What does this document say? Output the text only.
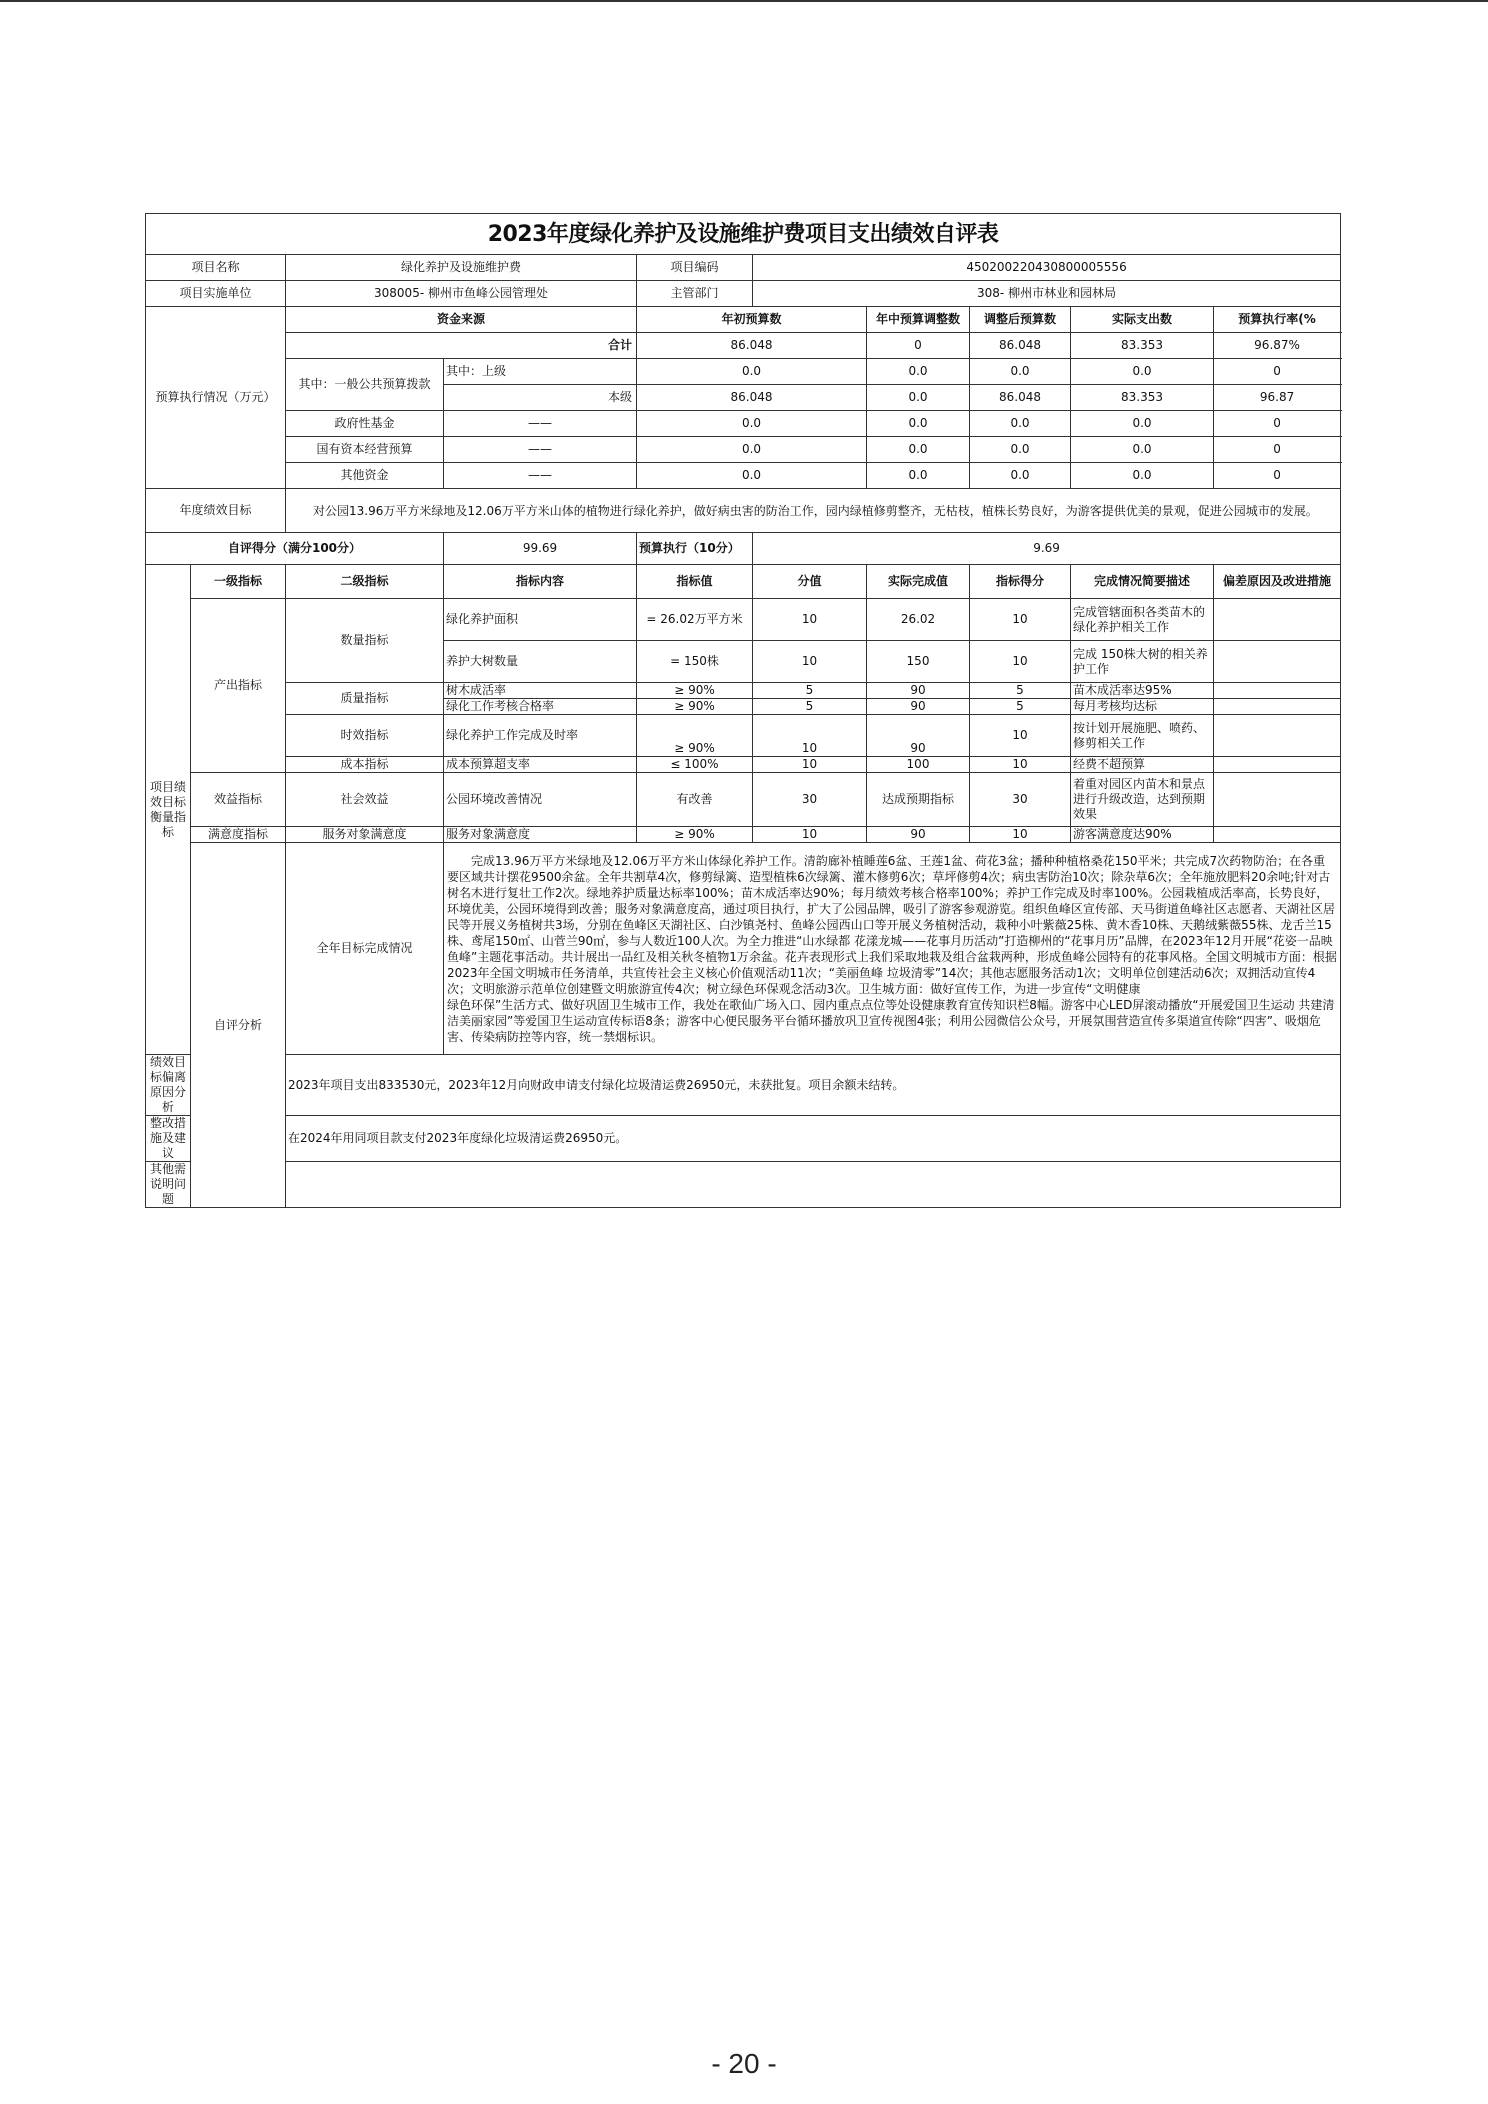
2023年度绿化养护及设施维护费项目支出绩效自评表									
项目名称		绿化养护及设施维护费		项目编码	450200220430800005556				
项目实施单位		308005- 柳州市鱼峰公园管理处		主管部门	308- 柳州市林业和园林局				
预算执行情况（万元）		资金来源		年初预算数		年中预算调整数	调整后预算数	实际支出数	预算执行率(%
		合计		86.048		0	86.048	83.353	96.87%
		其中：一般公共预算拨款	其中：上级	0.0		0.0	0.0	0.0	0
			本级	86.048		0.0	86.048	83.353	96.87
		政府性基金	——	0.0		0.0	0.0	0.0	0
		国有资本经营预算	——	0.0		0.0	0.0	0.0	0
		其他资金	——	0.0		0.0	0.0	0.0	0
年度绩效目标		对公园13.96万平方米绿地及12.06万平方米山体的植物进行绿化养护，做好病虫害的防治工作，园内绿植修剪整齐，无枯枝，植株长势良好，为游客提供优美的景观，促进公园城市的发展。							

自评得分（满分100分）			99.69	预算执行（10分）	9.69				
项目绩效目标衡量指标	一级指标	二级指标	指标内容	指标值	分值	实际完成值	指标得分	完成情况简要描述	偏差原因及改进措施
	产出指标	数量指标	绿化养护面积	= 26.02万平方米	10	26.02	10	完成管辖面积各类苗木的绿化养护相关工作	
			养护大树数量	= 150株	10	150	10	完成 150株大树的相关养护工作	
		质量指标	树木成活率	≥ 90%	5	90	5	苗木成活率达95%	
			绿化工作考核合格率	≥ 90%	5	90	5	每月考核均达标	
		时效指标	绿化养护工作完成及时率	≥ 90%	10	90	10	按计划开展施肥、喷药、修剪相关工作	
		成本指标	成本预算超支率	≤ 100%	10	100	10	经费不超预算	
	效益指标	社会效益	公园环境改善情况	有改善	30	达成预期指标	30	着重对园区内苗木和景点进行升级改造，达到预期效果	
	满意度指标	服务对象满意度	服务对象满意度	≥ 90%	10	90	10	游客满意度达90%	
	自评分析	全年目标完成情况	完成13.96万平方米绿地及12.06万平方米山体绿化养护工作。清韵廊补植睡莲6盆、王莲1盆、荷花3盆；播种种植格桑花150平米；共完成7次药物防治；在各重要区域共计摆花9500余盆。全年共割草4次，修剪绿篱、造型植株6次绿篱、灌木修剪6次；草坪修剪4次；病虫害防治10次；除杂草6次；全年施放肥料20余吨;针对古树名木进行复壮工作2次。绿地养护质量达标率100%；苗木成活率达90%；每月绩效考核合格率100%；养护工作完成及时率100%。公园栽植成活率高，长势良好，环境优美，公园环境得到改善；服务对象满意度高，通过项目执行，扩大了公园品牌，吸引了游客参观游览。组织鱼峰区宣传部、天马街道鱼峰社区志愿者、天湖社区居民等开展义务植树共3场，分别在鱼峰区天湖社区、白沙镇尧村、鱼峰公园西山口等开展义务植树活动，栽种小叶紫薇25株、黄木香10株、天鹅绒紫薇55株、龙舌兰15株、鸢尾150㎡、山菅兰90㎡，参与人数近100人次。为全力推进“山水绿都 花漾龙城——花事月历活动”打造柳州的“花事月历”品牌，在2023年12月开展“花姿一品映鱼峰”主题花事活动。共计展出一品红及相关秋冬植物1万余盆。花卉表现形式上我们采取地栽及组合盆栽两种，形成鱼峰公园特有的花事风格。全国文明城市方面：根据2023年全国文明城市任务清单，共宣传社会主义核心价值观活动11次；“美丽鱼峰 垃圾清零”14次；其他志愿服务活动1次；文明单位创建活动6次；双拥活动宣传4次；文明旅游示范单位创建暨文明旅游宣传4次；树立绿色环保观念活动3次。卫生城方面：做好宣传工作，为进一步宣传“文明健康

绿色环保”生活方式、做好巩固卫生城市工作，我处在歌仙广场入口、园内重点点位等处设健康教育宣传知识栏8幅。游客中心LED屏滚动播放“开展爱国卫生运动 共建清洁美丽家园”等爱国卫生运动宣传标语8条；游客中心便民服务平台循环播放巩卫宣传视图4张；利用公园微信公众号，开展氛围营造宣传多渠道宣传除“四害”、吸烟危害、传染病防控等内容，统一禁烟标识。						

绩效目标偏离原因分析		2023年项目支出833530元，2023年12月向财政申请支付绿化垃圾清运费26950元，未获批复。项目余额未结转。							
整改措施及建议		在2024年用同项目款支付2023年度绿化垃圾清运费26950元。							
其他需说明问题									
- 20 -
